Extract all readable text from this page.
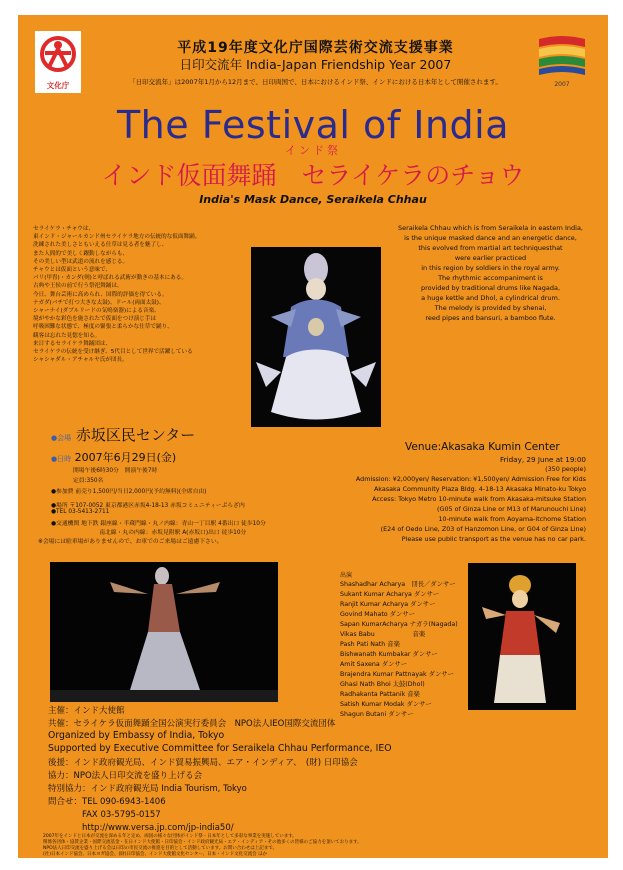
文化庁	2007
平成19年度文化庁国際芸術交流支援事業
日印交流年 India-Japan Friendship Year 2007
「日印交流年」は2007年1月から12月まで、日印両国で、日本におけるインド祭、インドにおける日本年として開催されます。
The Festival of India
インド祭
インド仮面舞踊　セライケラのチョウ
India's Mask Dance, Seraikela Chhau
セライケラ・チャウは、
東インド・ジャールカンド州セライケラ地方の伝統的な仮面舞踊。
洗練された美しさともいえる仕草は見る者を魅了し、
また人間的で美しく躍動しながらも、
その美しい型は武道の流れを感じる。
チャウとは仮面という意味で、
パリ(甲冑)・カンダ(剣)と呼ばれる武術が動きの基本にある。
古典や王侯の前で行う祭祀舞踊は、
今日、舞台芸術に高められ、国際的評価を得ている。
ナガダ(バチで打つ大きな太鼓)、ドール(両面太鼓)、
シャーナイ(ダブルリードの気鳴楽器)による音楽、
境がやかな彩色を施されたで仮面をつけ演じ手は
呼吸困難な状態で、極度の緊張と柔らかな仕草で踊り、
観客は忘れた見惚を知る。
来日するセライケラ舞踊団は、
セライケラの伝統を受け継ぎ、5代目として世界で活躍している
シャシャダル・アチャルヤ氏が団長。
Seraikela Chhau which is from Seraikela in eastern India,
is the unique masked dance and an energetic dance,
this evolved from martial art techniquesthat
were earlier practiced
in this region by soldiers in the royal army.
The rhythmic accompaniment is
provided by traditional drums like Nagada,
a huge kettle and Dhol, a cylindrical drum.
The melody is provided by shenai,
reed pipes and bansuri, a bamboo flute.
●会場 赤坂区民センター
●日時 2007年6月29日(金)
開場午後6時30分　開演午後7時
定員:350名
●参加費 前売り1,500円/当日2,000円(予約無料)(全席自由)
●場所 〒107-0052 東京都港区赤坂4-18-13 赤坂コミュニティーぷらざ内
●TEL 03-5413-2711
●交通機関 地下鉄 銀座線・半蔵門線・丸ノ内線：青山一丁目駅 4番出口 徒歩10分
　　　　　　　　 南北線・丸の内線：赤坂見附駅 A(赤坂口)出口 徒歩10分
※会場には駐車場がありませんので、お車でのご来場はご遠慮下さい。
Venue:Akasaka Kumin Center
Friday, 29 June at 19:00
(350 people)
Admission: ¥2,000yen/ Reservation: ¥1,500yen/ Admission Free for Kids
Akasaka Community Plaza Bldg. 4-18-13 Akasaka Minato-ku Tokyo
Access: Tokyo Metro 10-minute walk from Akasaka-mitsuke Station
(G05 of Ginza Line or M13 of Marunouchi Line)
10-minute walk from Aoyama-itchome Station
(E24 of Oedo Line, Z03 of Hanzomon Line, or G04 of Ginza Line)
Please use public transport as the venue has no car park.
出演
Shashadhar Acharya　団長／ダンサー
Sukant Kumar Acharya ダンサー
Ranjit Kumar Acharya ダンサー
Govind Mahato ダンサー
Sapan KumarAcharya ナガラ(Nagada)
Vikas Babu　　　　　　音楽
Pash Pati Nath 音楽
Bishwanath Kumbakar ダンサー
Amit Saxena ダンサー
Brajendra Kumar Pattnayak ダンサー
Ghasi Nath Bhoi 太鼓(Dhol)
Radhakanta Pattanik 音楽
Satish Kumar Modak ダンサー
Shagun Butani ダンサー
主催：インド大使館
共催：セライケラ仮面舞踊全国公演実行委員会　NPO法人IEO国際交流団体
Organized by Embassy of India, Tokyo
Supported by Executive Committee for Seraikela Chhau Performance, IEO
後援：インド政府観光局、インド貿易振興局、エア・インディア、　(財) 日印協会
協力：NPO法人日印交流を盛り上げる会
特別協力：インド政府観光局 India Tourism, Tokyo
問合せ：TEL 090-6943-1406
　　　　FAX 03-5795-0157
　　　　http://www.versa.jp.com/jp-india50/
2007年をインドと日本が交流を深める年と定め、両国の様々な団体がインド祭・日本年として多彩な事業を実施しています。
関係各団体・協賛企業・国際交流基金・在日インド大使館・日印協会・インド政府観光局・エア・インディア・その他多くの皆様のご協力を頂いております。
NPO法人日印交流を盛り上げる会は日印の市民交流の推進を目的として活動しています。お問い合わせは上記まで。
(社)日本インド協会、日本ヨガ協会、(財)日印協会、インド大使館文化センター、日本・インド文化交流会 ほか
